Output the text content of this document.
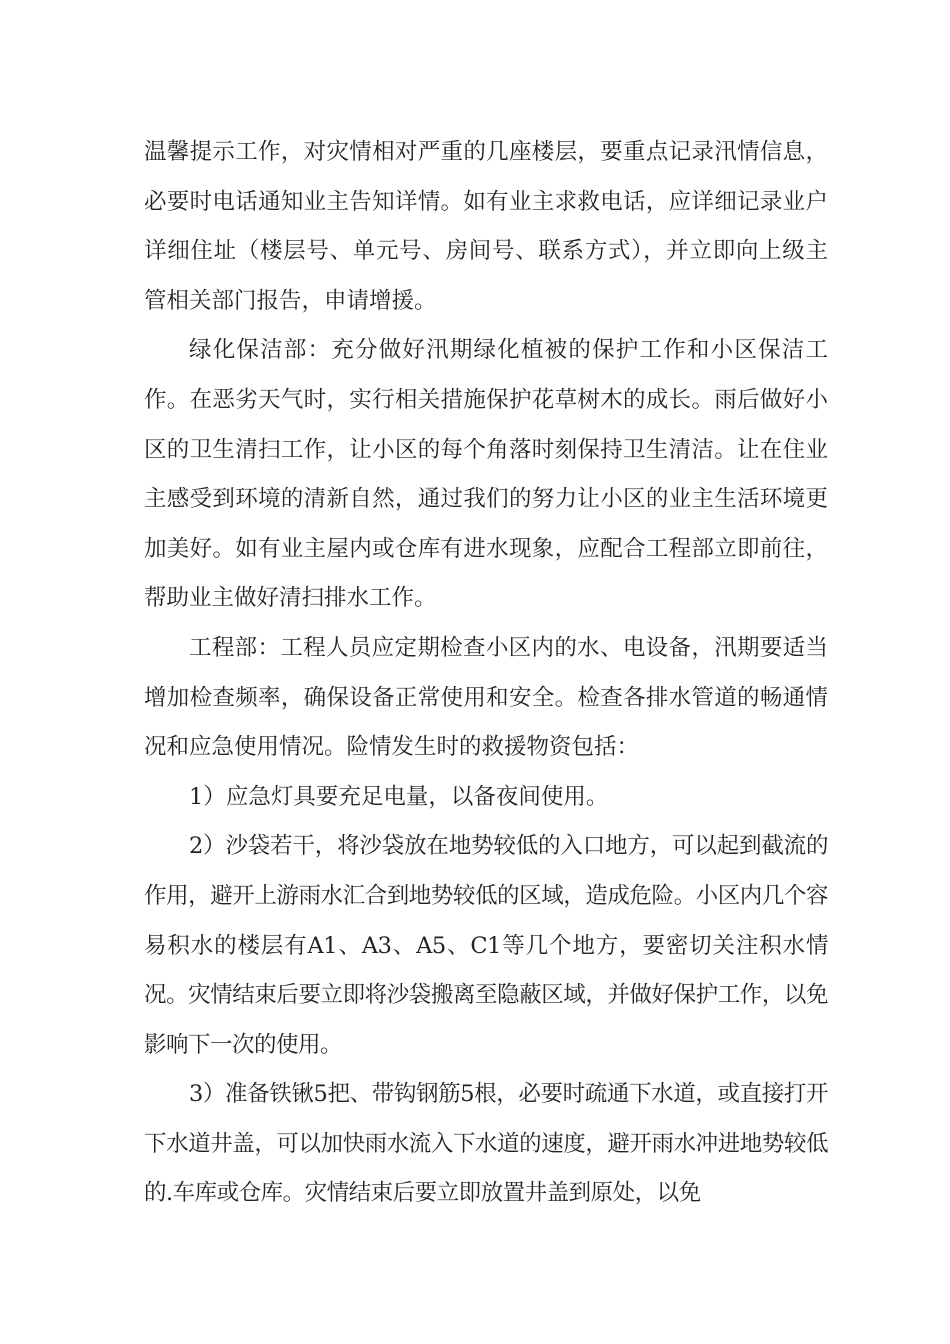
温馨提示工作，对灾情相对严重的几座楼层，要重点记录汛情信息，必要时电话通知业主告知详情。如有业主求救电话，应详细记录业户详细住址（楼层号、单元号、房间号、联系方式），并立即向上级主管相关部门报告，申请增援。

绿化保洁部：充分做好汛期绿化植被的保护工作和小区保洁工作。在恶劣天气时，实行相关措施保护花草树木的成长。雨后做好小区的卫生清扫工作，让小区的每个角落时刻保持卫生清洁。让在住业主感受到环境的清新自然，通过我们的努力让小区的业主生活环境更加美好。如有业主屋内或仓库有进水现象，应配合工程部立即前往，帮助业主做好清扫排水工作。

工程部：工程人员应定期检查小区内的水、电设备，汛期要适当增加检查频率，确保设备正常使用和安全。检查各排水管道的畅通情况和应急使用情况。险情发生时的救援物资包括：

1）应急灯具要充足电量，以备夜间使用。

2）沙袋若干，将沙袋放在地势较低的入口地方，可以起到截流的作用，避开上游雨水汇合到地势较低的区域，造成危险。小区内几个容易积水的楼层有A1、A3、A5、C1等几个地方，要密切关注积水情况。灾情结束后要立即将沙袋搬离至隐蔽区域，并做好保护工作，以免影响下一次的使用。

3）准备铁锹5把、带钩钢筋5根，必要时疏通下水道，或直接打开下水道井盖，可以加快雨水流入下水道的速度，避开雨水冲进地势较低的.车库或仓库。灾情结束后要立即放置井盖到原处，以免
